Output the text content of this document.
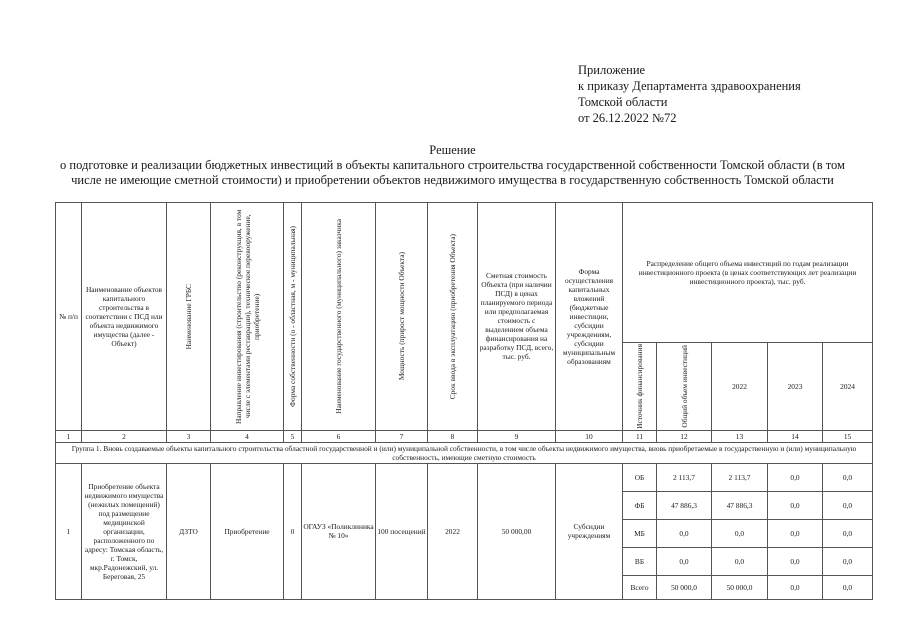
Приложение
к приказу Департамента здравоохранения
Томской области
от 26.12.2022 №72
Решение
о подготовке и реализации бюджетных инвестиций в объекты капитального строительства государственной собственности Томской области (в том числе не имеющие сметной стоимости) и приобретении объектов недвижимого имущества в государственную собственность Томской области
№ п/п	Наименование объектов капитального строительства в соответствии с ПСД или объекта недвижимого имущества (далее - Объект)	Наименование ГРБС	Направление инвестирования (строительство (реконструкция, в том числе с элементами реставрации), техническое перевооружение, приобретение)	Форма собственности (о - областная, м - муниципальная)	Наименование государственного (муниципального) заказчика	Мощность (прирост мощности Объекта)	Срок ввода в эксплуатацию (приобретения Объекта)	Сметная стоимость Объекта (при наличии ПСД) в ценах планируемого периода или предполагаемая стоимость с выделением объема финансирования на разработку ПСД, всего, тыс. руб.	Форма осуществления капитальных вложений (бюджетные инвестиции, субсидии учреждениям, субсидии муниципальным образованиям	Распределение общего объема инвестиций по годам реализации инвестиционного проекта (в ценах соответствующих лет реализации инвестиционного проекта), тыс. руб.				

										Источник финансирования	Общий объем инвестиций	2022	2023	2024
1	2	3	4	5	6	7	8	9	10	11	12	13	14	15
Группа 1. Вновь создаваемые объекты капитального строительства областной государственной и (или) муниципальной собственности, в том числе объекты недвижимого имущества, вновь приобретаемые в государственную и (или) муниципальную собственность, имеющие сметную стоимость														
1	Приобретение объекта недвижимого имущества (нежилых помещений) под размещение медицинской организации, расположенного по адресу: Томская область, г. Томск, мкр.Радонежский, ул. Береговая, 25	ДЗТО	Приобретение	0	ОГАУЗ «Поликлиника № 10»	100 посещений	2022	50 000,00	Субсидии учреждениям	ОБ	2 113,7	2 113,7	0,0	0,0
										ФБ	47 886,3	47 886,3	0,0	0,0
										МБ	0,0	0,0	0,0	0,0
										ВБ	0,0	0,0	0,0	0,0
										Всего	50 000,0	50 000,0	0,0	0,0
